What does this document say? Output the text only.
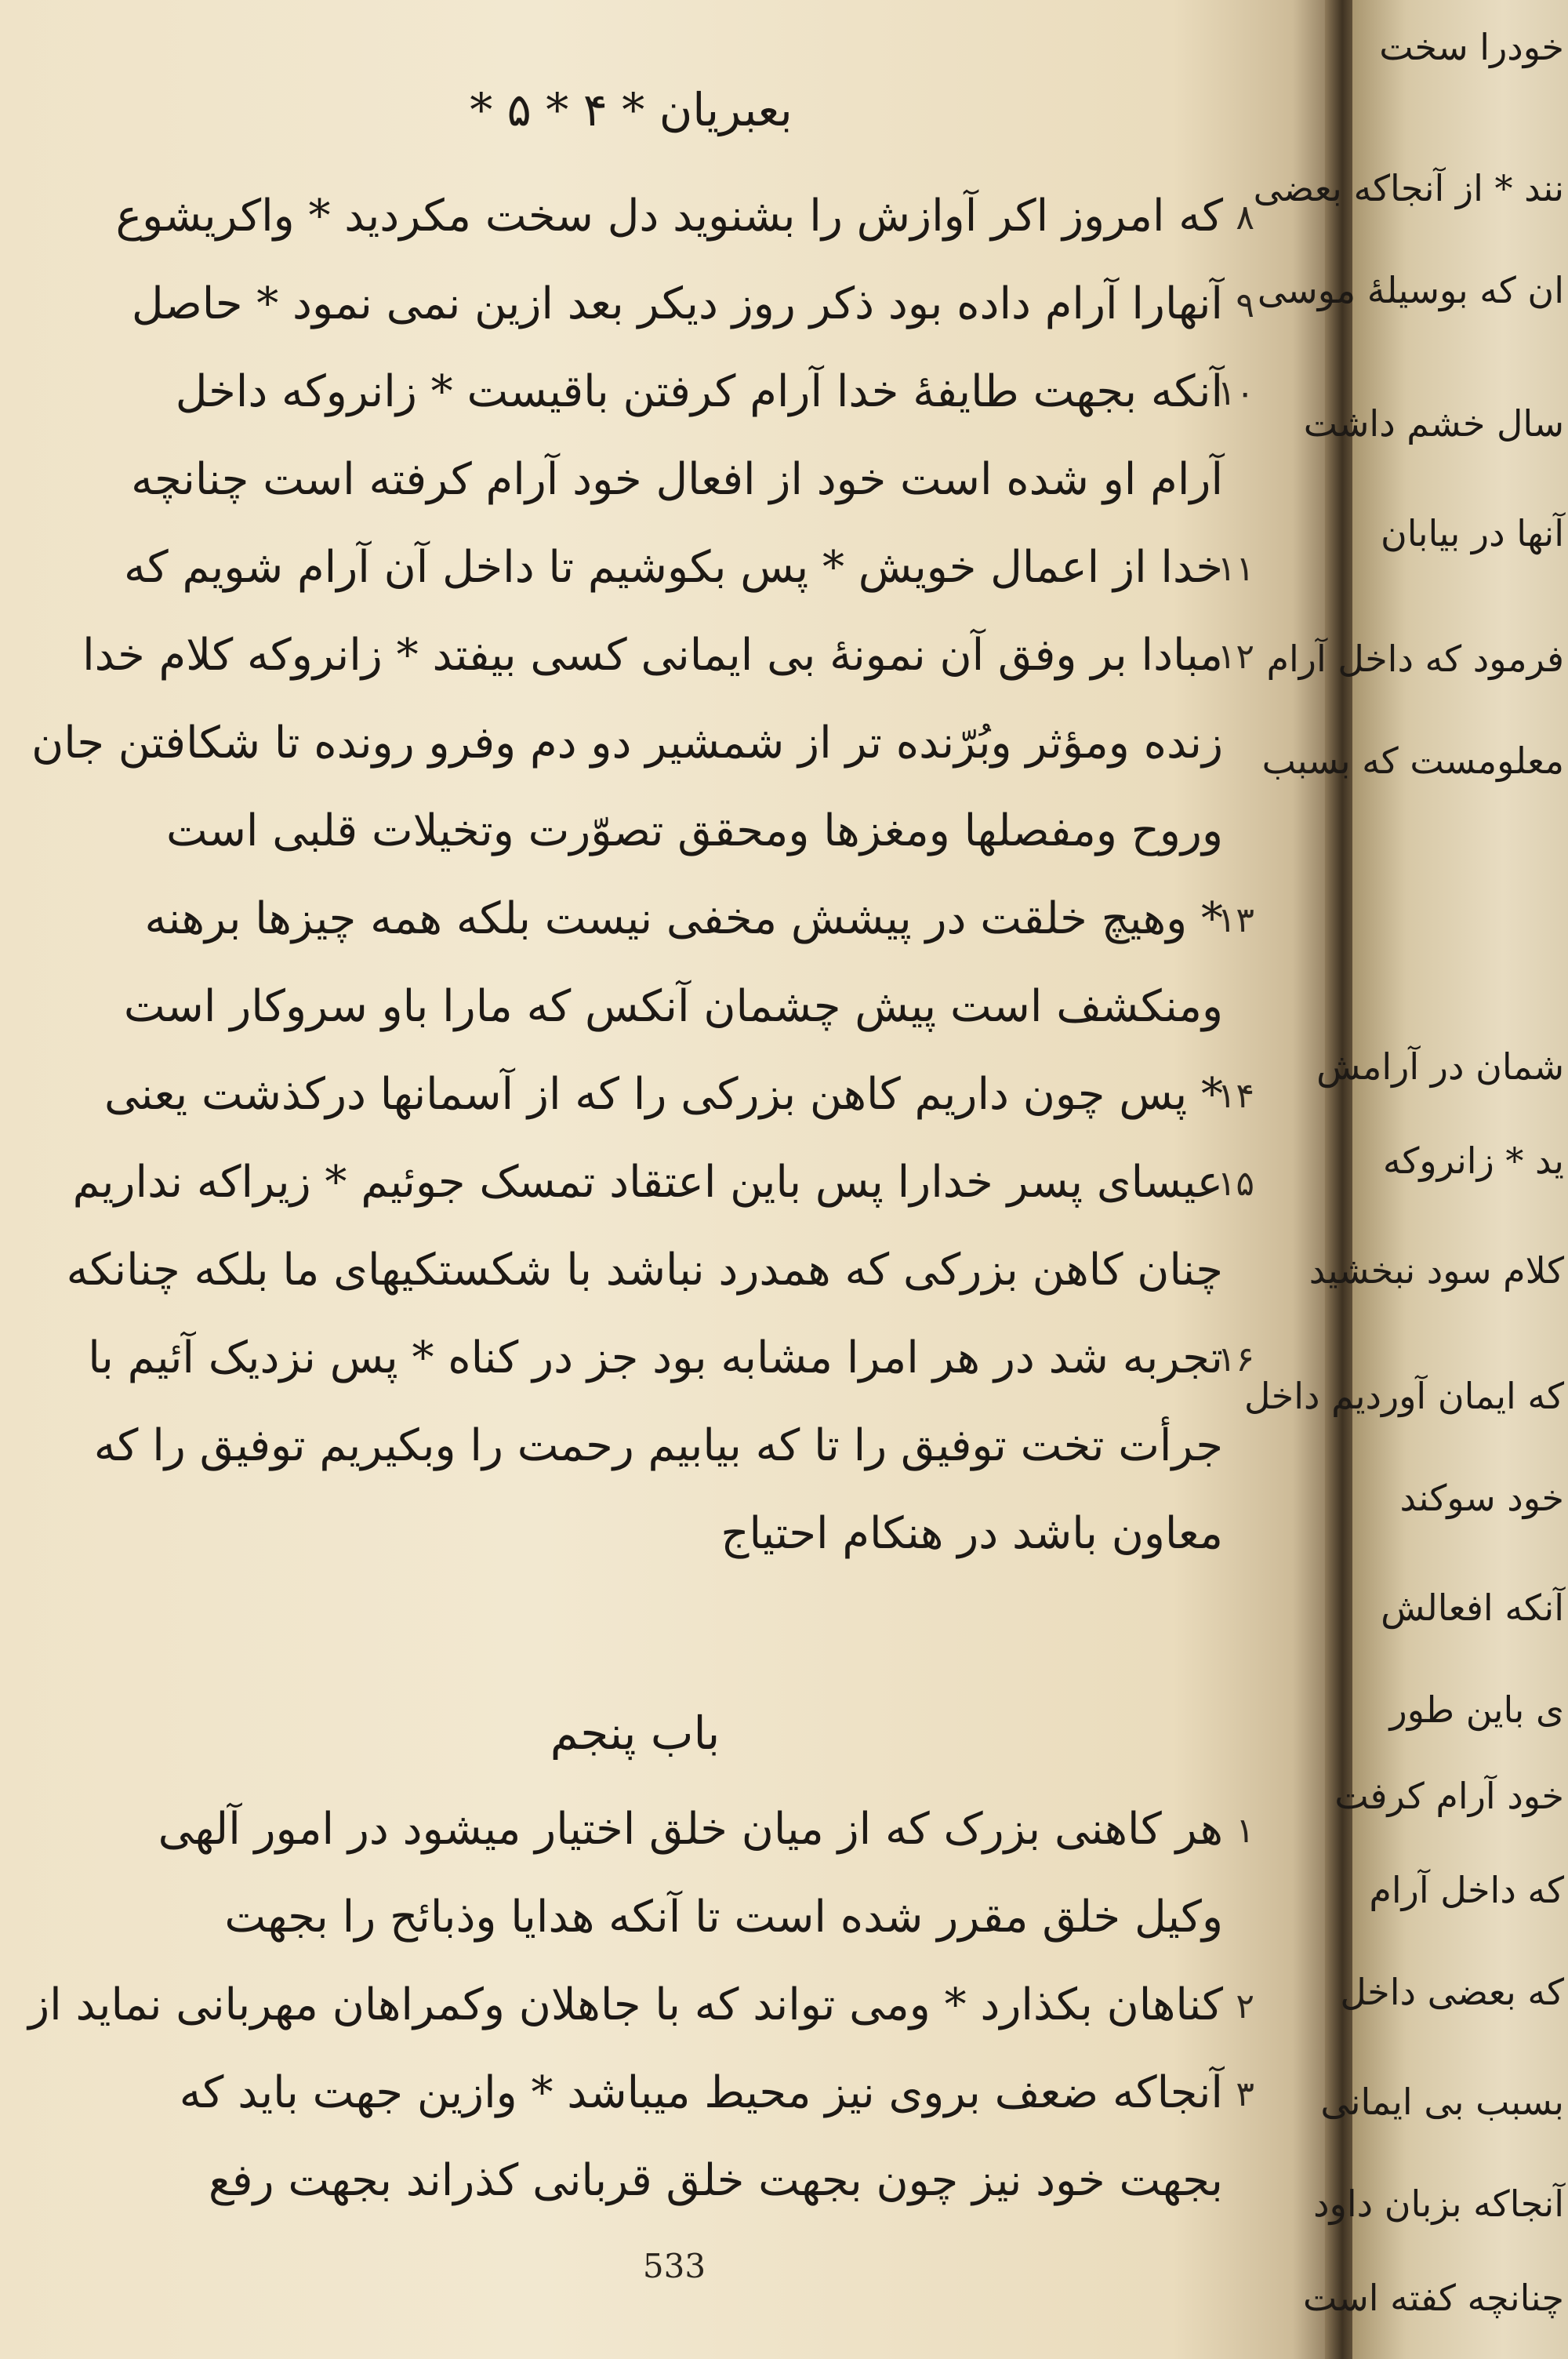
بعبریان * ۴ * ۵ *
۸
که امروز اکر آوازش را بشنوید دل سخت مکردید * واکریشوع
۹
آنهارا آرام داده بود ذکر روز دیکر بعد ازین نمی نمود * حاصل
۱۰
آنکه بجهت طایفهٔ خدا آرام کرفتن باقیست * زانروکه داخل
آرام او شده است خود از افعال خود آرام کرفته است چنانچه
۱۱
خدا از اعمال خویش * پس بکوشیم تا داخل آن آرام شویم که
۱۲
مبادا بر وفق آن نمونهٔ بی ایمانی کسی بیفتد * زانروکه کلام خدا
زنده ومؤثر وبُرّنده تر از شمشیر دو دم وفرو رونده تا شکافتن جان
وروح ومفصلها ومغزها ومحقق تصوّرت وتخیلات قلبی است
۱۳
* وهیچ خلقت در پیشش مخفی نیست بلکه همه چیزها برهنه
ومنکشف است پیش چشمان آنکس که مارا باو سروکار است
۱۴
* پس چون داریم کاهن بزرکی را که از آسمانها درکذشت یعنی
۱۵
عیسای پسر خدارا پس باین اعتقاد تمسک جوئیم * زیراکه نداریم
چنان کاهن بزرکی که همدرد نباشد با شکستکیهای ما بلکه چنانکه
۱۶
تجربه شد در هر امرا مشابه بود جز در کناه * پس نزدیک آئیم با
جرأت تخت توفیق را تا که بیابیم رحمت را وبکیریم توفیق را که
معاون باشد در هنکام احتیاج
باب پنجم
۱
هر کاهنی بزرک که از میان خلق اختیار میشود در امور آلهی
وکیل خلق مقرر شده است تا آنکه هدایا وذبائح را بجهت
۲
کناهان بکذارد * ومی تواند که با جاهلان وکمراهان مهربانی نماید از
۳
آنجاکه ضعف بروی نیز محیط میباشد * وازین جهت باید که
بجهت خود نیز چون بجهت خلق قربانی کذراند بجهت رفع
533
خودرا سخت
نند * از آنجاکه بعضی
ان که بوسیلهٔ موسی
سال خشم داشت
آنها در بیابان
فرمود که داخل آرام
معلومست که بسبب
شمان در آرامش
ید * زانروکه
کلام سود نبخشید
که ایمان آوردیم داخل
خود سوکند
آنکه افعالش
ی باین طور
خود آرام کرفت
که داخل آرام
که بعضی داخل
بسبب بی ایمانی
آنجاکه بزبان داود
چنانچه کفته است
